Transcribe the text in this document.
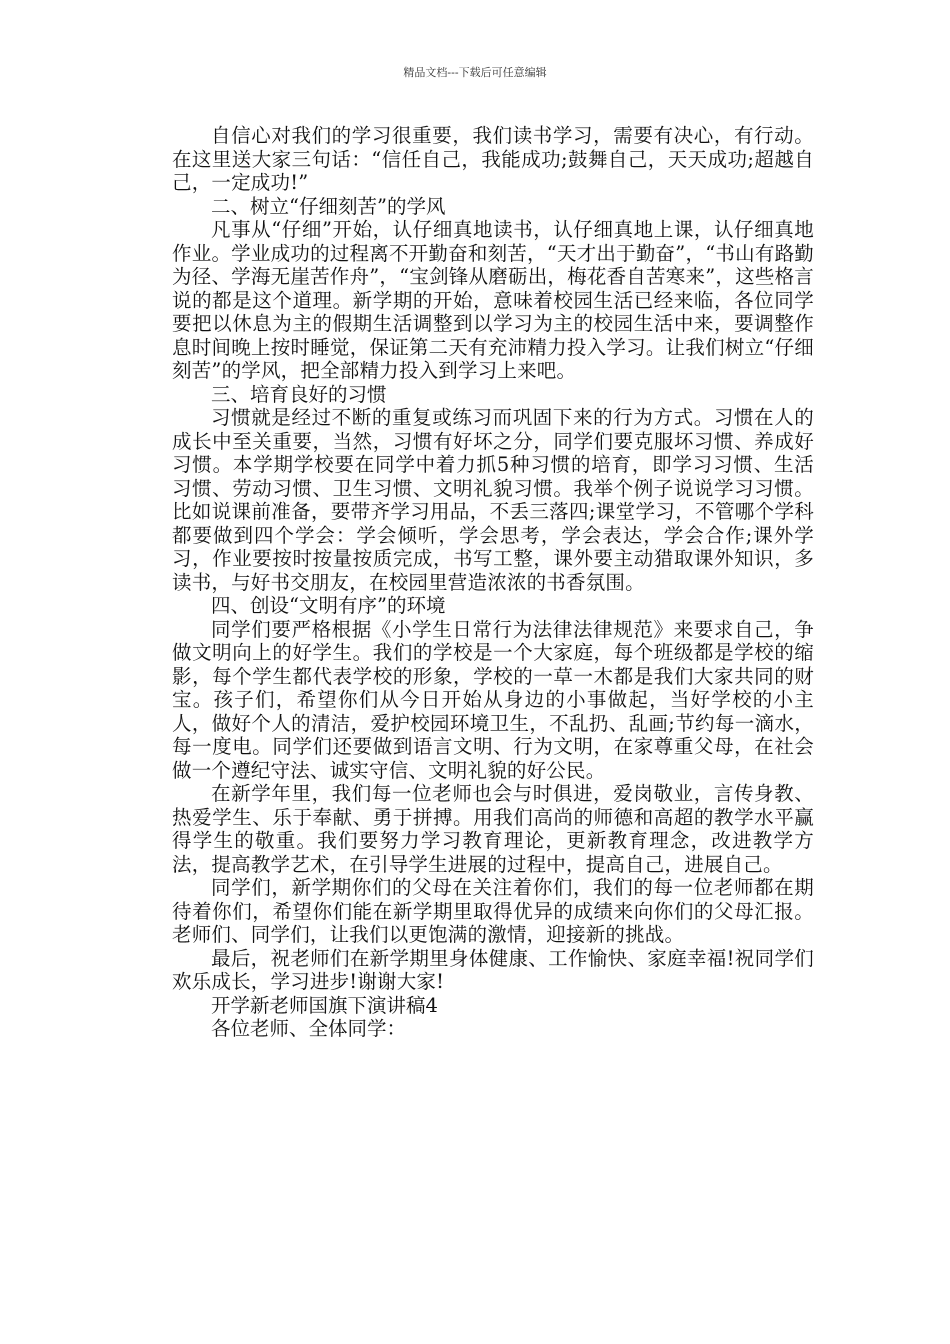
精品文档---下载后可任意编辑

自信心对我们的学习很重要，我们读书学习，需要有决心，有行动。在这里送大家三句话：“信任自己，我能成功;鼓舞自己，天天成功;超越自己，一定成功!”

二、树立“仔细刻苦”的学风

凡事从“仔细”开始，认仔细真地读书，认仔细真地上课，认仔细真地作业。学业成功的过程离不开勤奋和刻苦，“天才出于勤奋”，“书山有路勤为径、学海无崖苦作舟”，“宝剑锋从磨砺出，梅花香自苦寒来”，这些格言说的都是这个道理。新学期的开始，意味着校园生活已经来临，各位同学要把以休息为主的假期生活调整到以学习为主的校园生活中来，要调整作息时间晚上按时睡觉，保证第二天有充沛精力投入学习。让我们树立“仔细刻苦”的学风，把全部精力投入到学习上来吧。

三、培育良好的习惯

习惯就是经过不断的重复或练习而巩固下来的行为方式。习惯在人的成长中至关重要，当然，习惯有好坏之分，同学们要克服坏习惯、养成好习惯。本学期学校要在同学中着力抓5种习惯的培育，即学习习惯、生活习惯、劳动习惯、卫生习惯、文明礼貌习惯。我举个例子说说学习习惯。比如说课前准备，要带齐学习用品，不丢三落四;课堂学习，不管哪个学科都要做到四个学会：学会倾听，学会思考，学会表达，学会合作;课外学习，作业要按时按量按质完成，书写工整，课外要主动猎取课外知识，多读书，与好书交朋友，在校园里营造浓浓的书香氛围。

四、创设“文明有序”的环境

同学们要严格根据《小学生日常行为法律法律规范》来要求自己，争做文明向上的好学生。我们的学校是一个大家庭，每个班级都是学校的缩影，每个学生都代表学校的形象，学校的一草一木都是我们大家共同的财宝。孩子们，希望你们从今日开始从身边的小事做起，当好学校的小主人，做好个人的清洁，爱护校园环境卫生，不乱扔、乱画;节约每一滴水，每一度电。同学们还要做到语言文明、行为文明，在家尊重父母，在社会做一个遵纪守法、诚实守信、文明礼貌的好公民。

在新学年里，我们每一位老师也会与时俱进，爱岗敬业，言传身教、热爱学生、乐于奉献、勇于拼搏。用我们高尚的师德和高超的教学水平赢得学生的敬重。我们要努力学习教育理论，更新教育理念，改进教学方法，提高教学艺术，在引导学生进展的过程中，提高自己，进展自己。

同学们，新学期你们的父母在关注着你们，我们的每一位老师都在期待着你们，希望你们能在新学期里取得优异的成绩来向你们的父母汇报。老师们、同学们，让我们以更饱满的激情，迎接新的挑战。

最后，祝老师们在新学期里身体健康、工作愉快、家庭幸福!祝同学们欢乐成长，学习进步!谢谢大家!

开学新老师国旗下演讲稿4

各位老师、全体同学：
